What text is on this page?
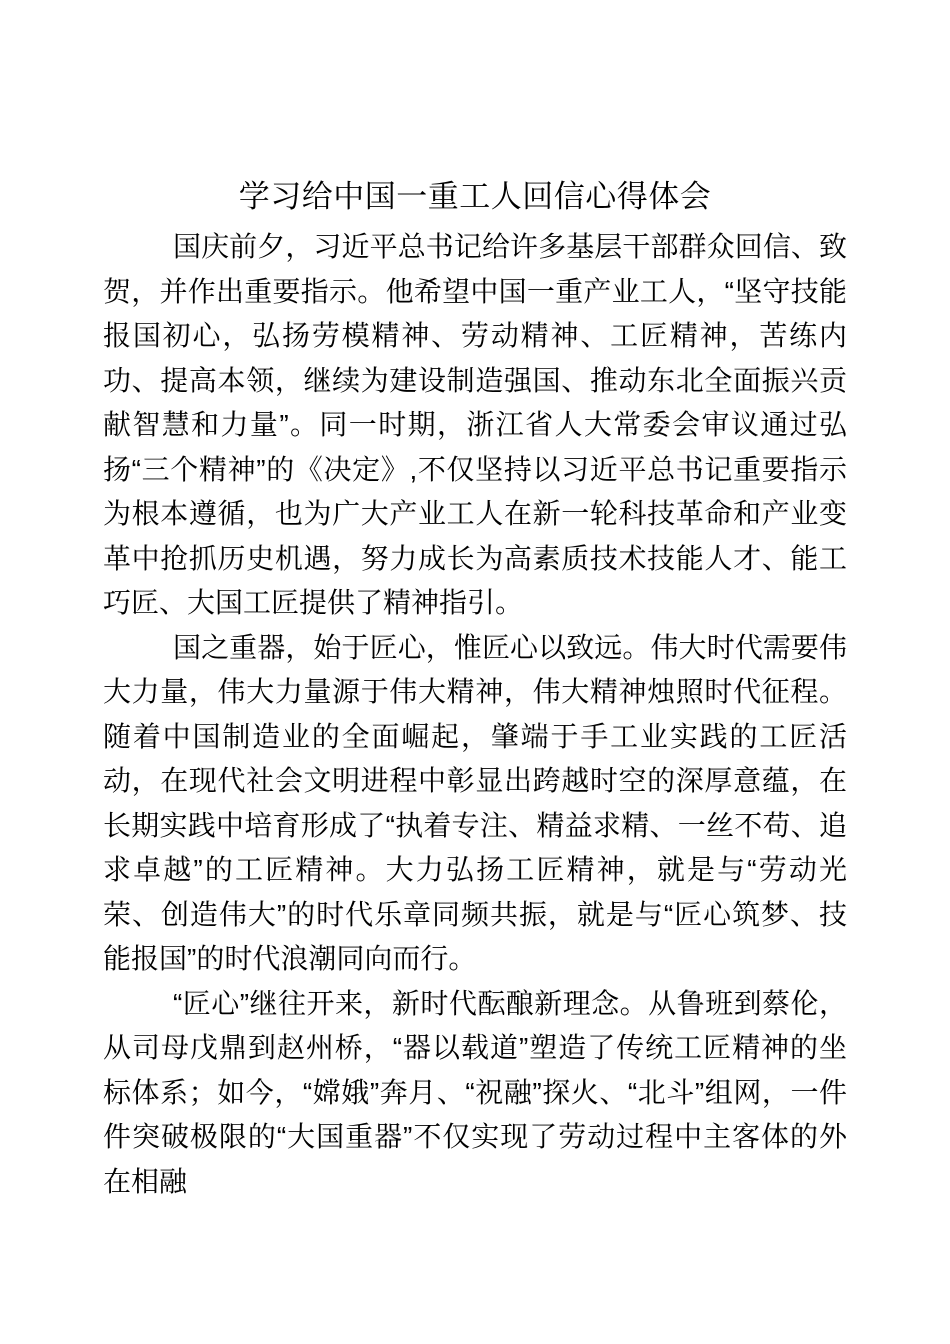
学习给中国一重工人回信心得体会

国庆前夕，习近平总书记给许多基层干部群众回信、致贺，并作出重要指示。他希望中国一重产业工人，“坚守技能报国初心，弘扬劳模精神、劳动精神、工匠精神，苦练内功、提高本领，继续为建设制造强国、推动东北全面振兴贡献智慧和力量”。同一时期，浙江省人大常委会审议通过弘扬“三个精神”的《决定》,不仅坚持以习近平总书记重要指示为根本遵循，也为广大产业工人在新一轮科技革命和产业变革中抢抓历史机遇，努力成长为高素质技术技能人才、能工巧匠、大国工匠提供了精神指引。

国之重器，始于匠心，惟匠心以致远。伟大时代需要伟大力量，伟大力量源于伟大精神，伟大精神烛照时代征程。随着中国制造业的全面崛起，肇端于手工业实践的工匠活动，在现代社会文明进程中彰显出跨越时空的深厚意蕴，在长期实践中培育形成了“执着专注、精益求精、一丝不苟、追求卓越”的工匠精神。大力弘扬工匠精神，就是与“劳动光荣、创造伟大”的时代乐章同频共振，就是与“匠心筑梦、技能报国”的时代浪潮同向而行。

“匠心”继往开来，新时代酝酿新理念。从鲁班到蔡伦，从司母戊鼎到赵州桥，“器以载道”塑造了传统工匠精神的坐标体系；如今，“嫦娥”奔月、“祝融”探火、“北斗”组网，一件件突破极限的“大国重器”不仅实现了劳动过程中主客体的外在相融
